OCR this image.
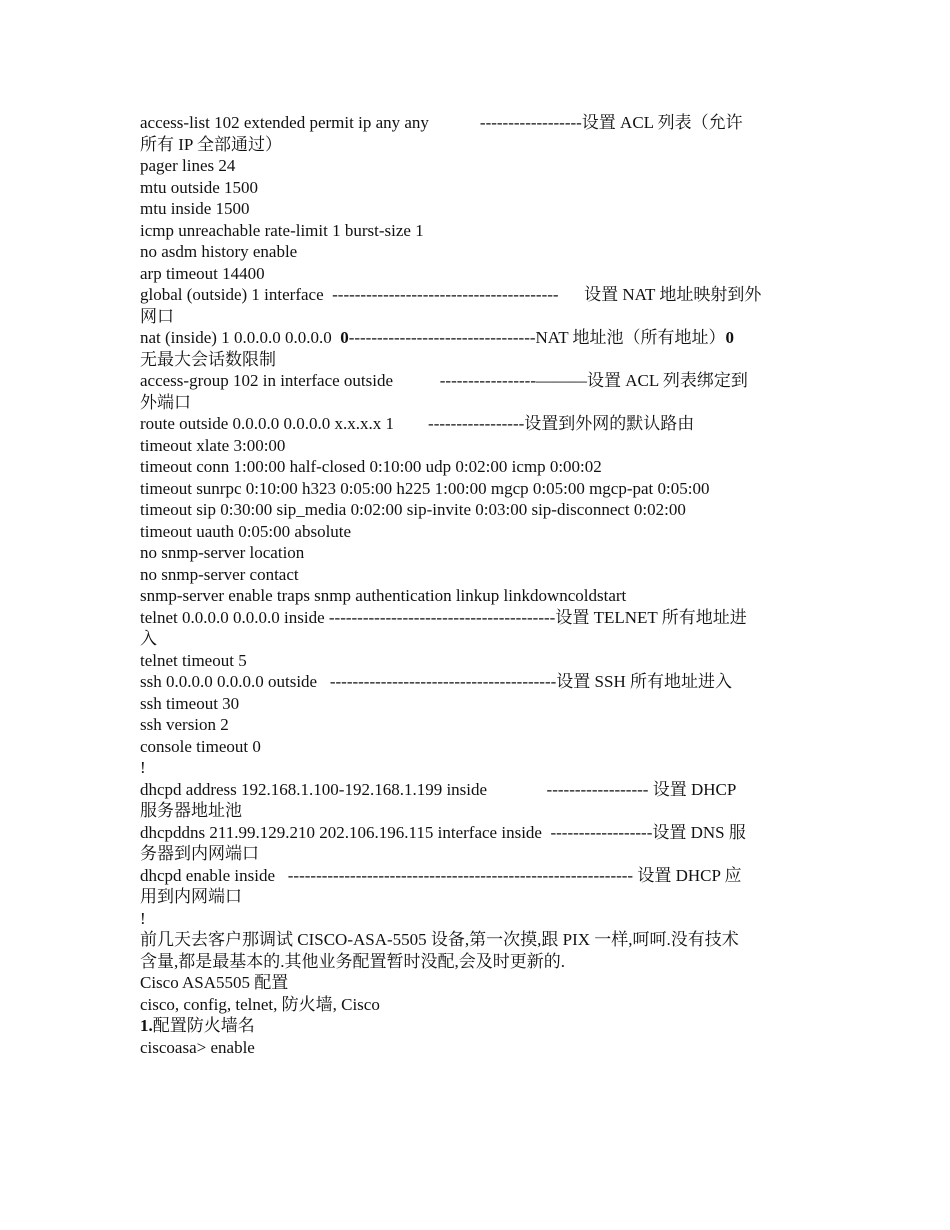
access-list 102 extended permit ip any any            ------------------设置 ACL 列表（允许
所有 IP 全部通过）
pager lines 24
mtu outside 1500
mtu inside 1500
icmp unreachable rate-limit 1 burst-size 1
no asdm history enable
arp timeout 14400
global (outside) 1 interface  ----------------------------------------      设置 NAT 地址映射到外
网口
nat (inside) 1 0.0.0.0 0.0.0.0  0---------------------------------NAT 地址池（所有地址）0
无最大会话数限制
access-group 102 in interface outside           -----------------———设置 ACL 列表绑定到
外端口
route outside 0.0.0.0 0.0.0.0 x.x.x.x 1        -----------------设置到外网的默认路由
timeout xlate 3:00:00
timeout conn 1:00:00 half-closed 0:10:00 udp 0:02:00 icmp 0:00:02
timeout sunrpc 0:10:00 h323 0:05:00 h225 1:00:00 mgcp 0:05:00 mgcp-pat 0:05:00
timeout sip 0:30:00 sip_media 0:02:00 sip-invite 0:03:00 sip-disconnect 0:02:00
timeout uauth 0:05:00 absolute
no snmp-server location
no snmp-server contact
snmp-server enable traps snmp authentication linkup linkdowncoldstart
telnet 0.0.0.0 0.0.0.0 inside ----------------------------------------设置 TELNET 所有地址进
入
telnet timeout 5
ssh 0.0.0.0 0.0.0.0 outside   ----------------------------------------设置 SSH 所有地址进入
ssh timeout 30
ssh version 2
console timeout 0
!
dhcpd address 192.168.1.100-192.168.1.199 inside              ------------------ 设置 DHCP
服务器地址池
dhcpddns 211.99.129.210 202.106.196.115 interface inside  ------------------设置 DNS 服
务器到内网端口
dhcpd enable inside   ------------------------------------------------------------- 设置 DHCP 应
用到内网端口
!
前几天去客户那调试 CISCO-ASA-5505 设备,第一次摸,跟 PIX 一样,呵呵.没有技术
含量,都是最基本的.其他业务配置暂时没配,会及时更新的.
Cisco ASA5505 配置
cisco, config, telnet, 防火墙, Cisco
1.配置防火墙名
ciscoasa> enable
